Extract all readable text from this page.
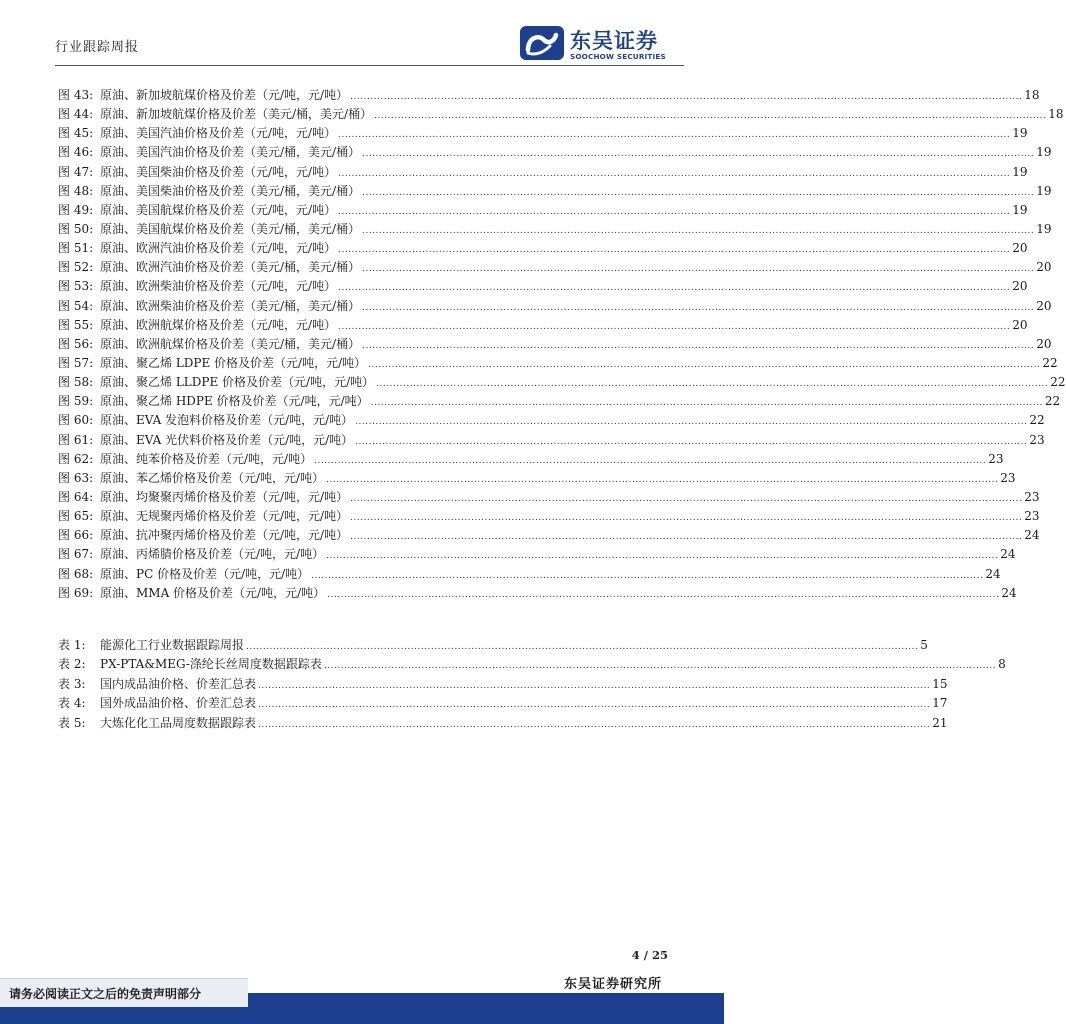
行业跟踪周报	东吴证券
SOOCHOW SECURITIES
图 43: 原油、新加坡航煤价格及价差（元/吨，元/吨） ........................................................................................................................................................................................................ 18
图 44: 原油、新加坡航煤价格及价差（美元/桶，美元/桶） ........................................................................................................................................................................................................ 18
图 45: 原油、美国汽油价格及价差（元/吨，元/吨） ........................................................................................................................................................................................................ 19
图 46: 原油、美国汽油价格及价差（美元/桶，美元/桶） ........................................................................................................................................................................................................ 19
图 47: 原油、美国柴油价格及价差（元/吨，元/吨） ........................................................................................................................................................................................................ 19
图 48: 原油、美国柴油价格及价差（美元/桶，美元/桶） ........................................................................................................................................................................................................ 19
图 49: 原油、美国航煤价格及价差（元/吨，元/吨） ........................................................................................................................................................................................................ 19
图 50: 原油、美国航煤价格及价差（美元/桶，美元/桶） ........................................................................................................................................................................................................ 19
图 51: 原油、欧洲汽油价格及价差（元/吨，元/吨） ........................................................................................................................................................................................................ 20
图 52: 原油、欧洲汽油价格及价差（美元/桶，美元/桶） ........................................................................................................................................................................................................ 20
图 53: 原油、欧洲柴油价格及价差（元/吨，元/吨） ........................................................................................................................................................................................................ 20
图 54: 原油、欧洲柴油价格及价差（美元/桶，美元/桶） ........................................................................................................................................................................................................ 20
图 55: 原油、欧洲航煤价格及价差（元/吨，元/吨） ........................................................................................................................................................................................................ 20
图 56: 原油、欧洲航煤价格及价差（美元/桶，美元/桶） ........................................................................................................................................................................................................ 20
图 57: 原油、聚乙烯 LDPE 价格及价差（元/吨，元/吨） ........................................................................................................................................................................................................ 22
图 58: 原油、聚乙烯 LLDPE 价格及价差（元/吨，元/吨） ........................................................................................................................................................................................................ 22
图 59: 原油、聚乙烯 HDPE 价格及价差（元/吨，元/吨） ........................................................................................................................................................................................................ 22
图 60: 原油、EVA 发泡料价格及价差（元/吨，元/吨） ........................................................................................................................................................................................................ 22
图 61: 原油、EVA 光伏料价格及价差（元/吨，元/吨） ........................................................................................................................................................................................................ 23
图 62: 原油、纯苯价格及价差（元/吨，元/吨） ........................................................................................................................................................................................................ 23
图 63: 原油、苯乙烯价格及价差（元/吨，元/吨） ........................................................................................................................................................................................................ 23
图 64: 原油、均聚聚丙烯价格及价差（元/吨，元/吨） ........................................................................................................................................................................................................ 23
图 65: 原油、无规聚丙烯价格及价差（元/吨，元/吨） ........................................................................................................................................................................................................ 23
图 66: 原油、抗冲聚丙烯价格及价差（元/吨，元/吨） ........................................................................................................................................................................................................ 24
图 67: 原油、丙烯腈价格及价差（元/吨，元/吨） ........................................................................................................................................................................................................ 24
图 68: 原油、PC 价格及价差（元/吨，元/吨） ........................................................................................................................................................................................................ 24
图 69: 原油、MMA 价格及价差（元/吨，元/吨） ........................................................................................................................................................................................................ 24
表 1:	能源化工行业数据跟踪周报 ........................................................................................................................................................................................................ 5
表 2:	PX-PTA&MEG-涤纶长丝周度数据跟踪表 ........................................................................................................................................................................................................ 8
表 3:	国内成品油价格、价差汇总表 ........................................................................................................................................................................................................ 15
表 4:	国外成品油价格、价差汇总表 ........................................................................................................................................................................................................ 17
表 5:	大炼化化工品周度数据跟踪表 ........................................................................................................................................................................................................ 21
4 / 25
东吴证券研究所
请务必阅读正文之后的免责声明部分
